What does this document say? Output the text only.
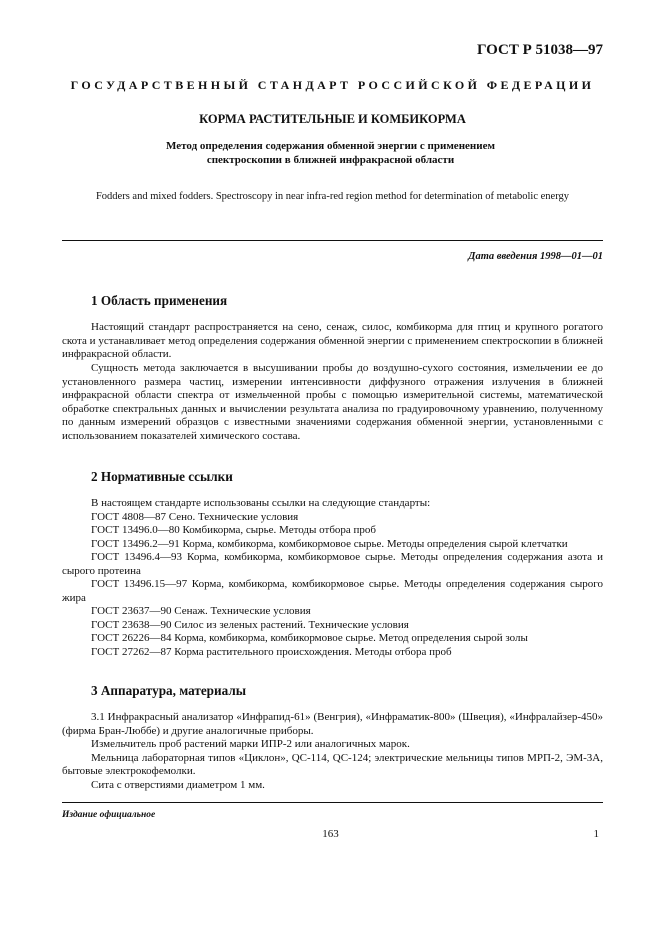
ГОСТ Р 51038—97
ГОСУДАРСТВЕННЫЙ СТАНДАРТ РОССИЙСКОЙ ФЕДЕРАЦИИ
КОРМА РАСТИТЕЛЬНЫЕ И КОМБИКОРМА
Метод определения содержания обменной энергии с применением спектроскопии в ближней инфракрасной области
Fodders and mixed fodders. Spectroscopy in near infra-red region method for determination of metabolic energy
Дата введения 1998—01—01
1 Область применения
Настоящий стандарт распространяется на сено, сенаж, силос, комбикорма для птиц и крупного рогатого скота и устанавливает метод определения содержания обменной энергии с применением спектроскопии в ближней инфракрасной области.
Сущность метода заключается в высушивании пробы до воздушно-сухого состояния, измельчении ее до установленного размера частиц, измерении интенсивности диффузного отражения излучения в ближней инфракрасной области спектра от измельченной пробы с помощью измерительной системы, математической обработке спектральных данных и вычислении результата анализа по градуировочному уравнению, полученному по данным измерений образцов с известными значениями содержания обменной энергии, установленными с использованием показателей химического состава.
2 Нормативные ссылки
В настоящем стандарте использованы ссылки на следующие стандарты:
ГОСТ 4808—87 Сено. Технические условия
ГОСТ 13496.0—80 Комбикорма, сырье. Методы отбора проб
ГОСТ 13496.2—91 Корма, комбикорма, комбикормовое сырье. Методы определения сырой клетчатки
ГОСТ 13496.4—93 Корма, комбикорма, комбикормовое сырье. Методы определения содержания азота и сырого протеина
ГОСТ 13496.15—97 Корма, комбикорма, комбикормовое сырье. Методы определения содержания сырого жира
ГОСТ 23637—90 Сенаж. Технические условия
ГОСТ 23638—90 Силос из зеленых растений. Технические условия
ГОСТ 26226—84 Корма, комбикорма, комбикормовое сырье. Метод определения сырой золы
ГОСТ 27262—87 Корма растительного происхождения. Методы отбора проб
3 Аппаратура, материалы
3.1 Инфракрасный анализатор «Инфрапид-61» (Венгрия), «Инфраматик-800» (Швеция), «Инфралайзер-450» (фирма Бран-Люббе) и другие аналогичные приборы.
Измельчитель проб растений марки ИПР-2 или аналогичных марок.
Мельница лабораторная типов «Циклон», QC-114, QC-124; электрические мельницы типов МРП-2, ЭМ-3А, бытовые электрокофемолки.
Сита с отверстиями диаметром 1 мм.
Издание официальное
163	1
